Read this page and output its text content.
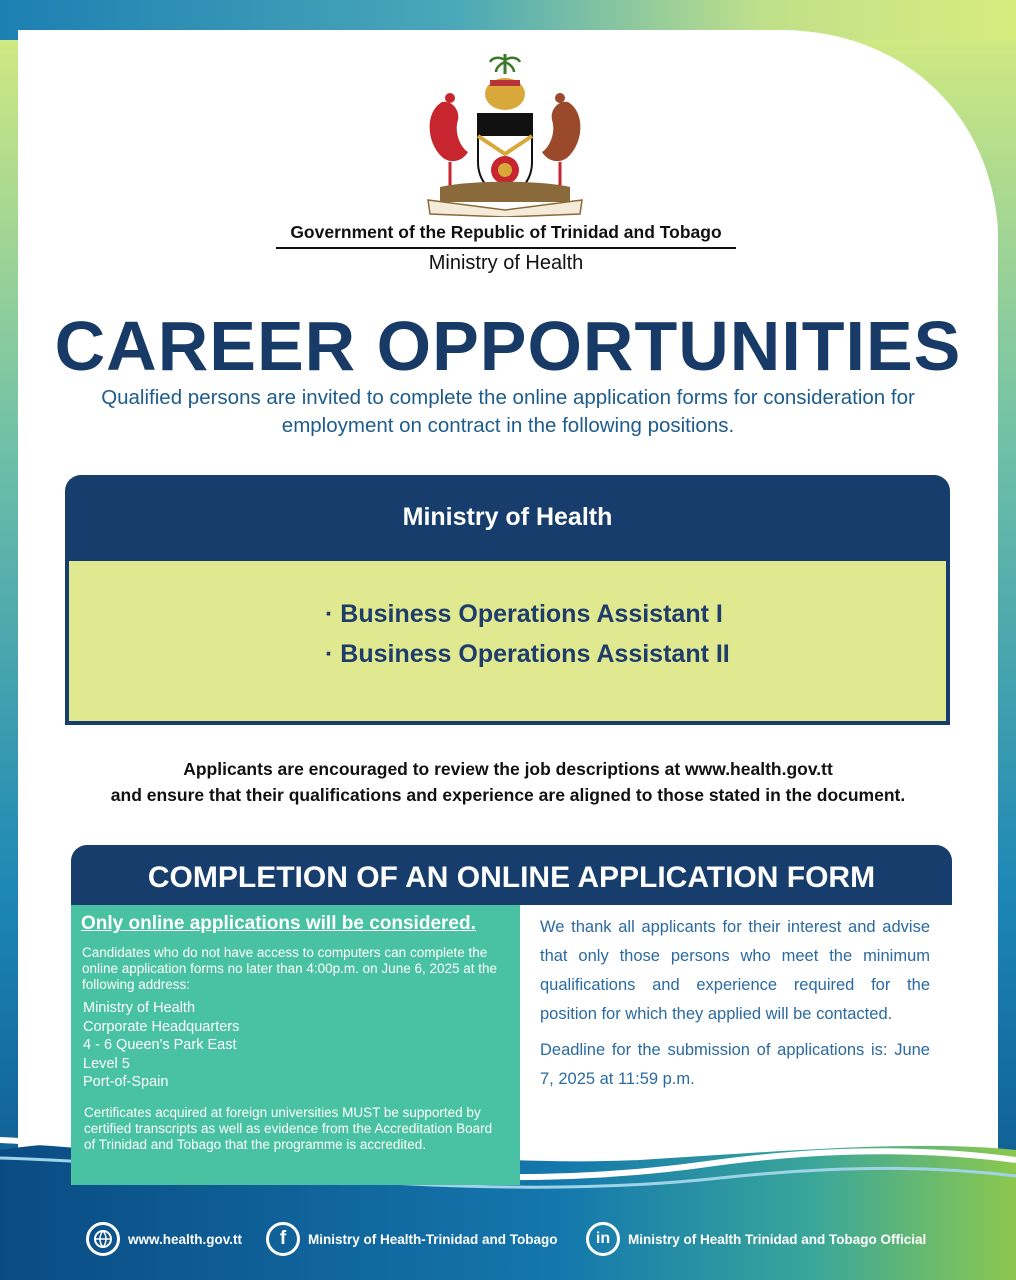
Government of the Republic of Trinidad and Tobago
Ministry of Health
CAREER OPPORTUNITIES
Qualified persons are invited to complete the online application forms for consideration for employment on contract in the following positions.
Ministry of Health
· Business Operations Assistant I
· Business Operations Assistant II
Applicants are encouraged to review the job descriptions at www.health.gov.tt
and ensure that their qualifications and experience are aligned to those stated in the document.
COMPLETION OF AN ONLINE APPLICATION FORM
Only online applications will be considered.
Candidates who do not have access to computers can complete the online application forms no later than 4:00p.m. on June 6, 2025 at the following address:
Ministry of Health
Corporate Headquarters
4 - 6 Queen's Park East
Level 5
Port-of-Spain
Certificates acquired at foreign universities MUST be supported by certified transcripts as well as evidence from the Accreditation Board of Trinidad and Tobago that the programme is accredited.
We thank all applicants for their interest and advise that only those persons who meet the minimum qualifications and experience required for the position for which they applied will be contacted.
Deadline for the submission of applications is: June 7, 2025 at 11:59 p.m.
www.health.gov.tt	f	Ministry of Health-Trinidad and Tobago	in	Ministry of Health Trinidad and Tobago Official
